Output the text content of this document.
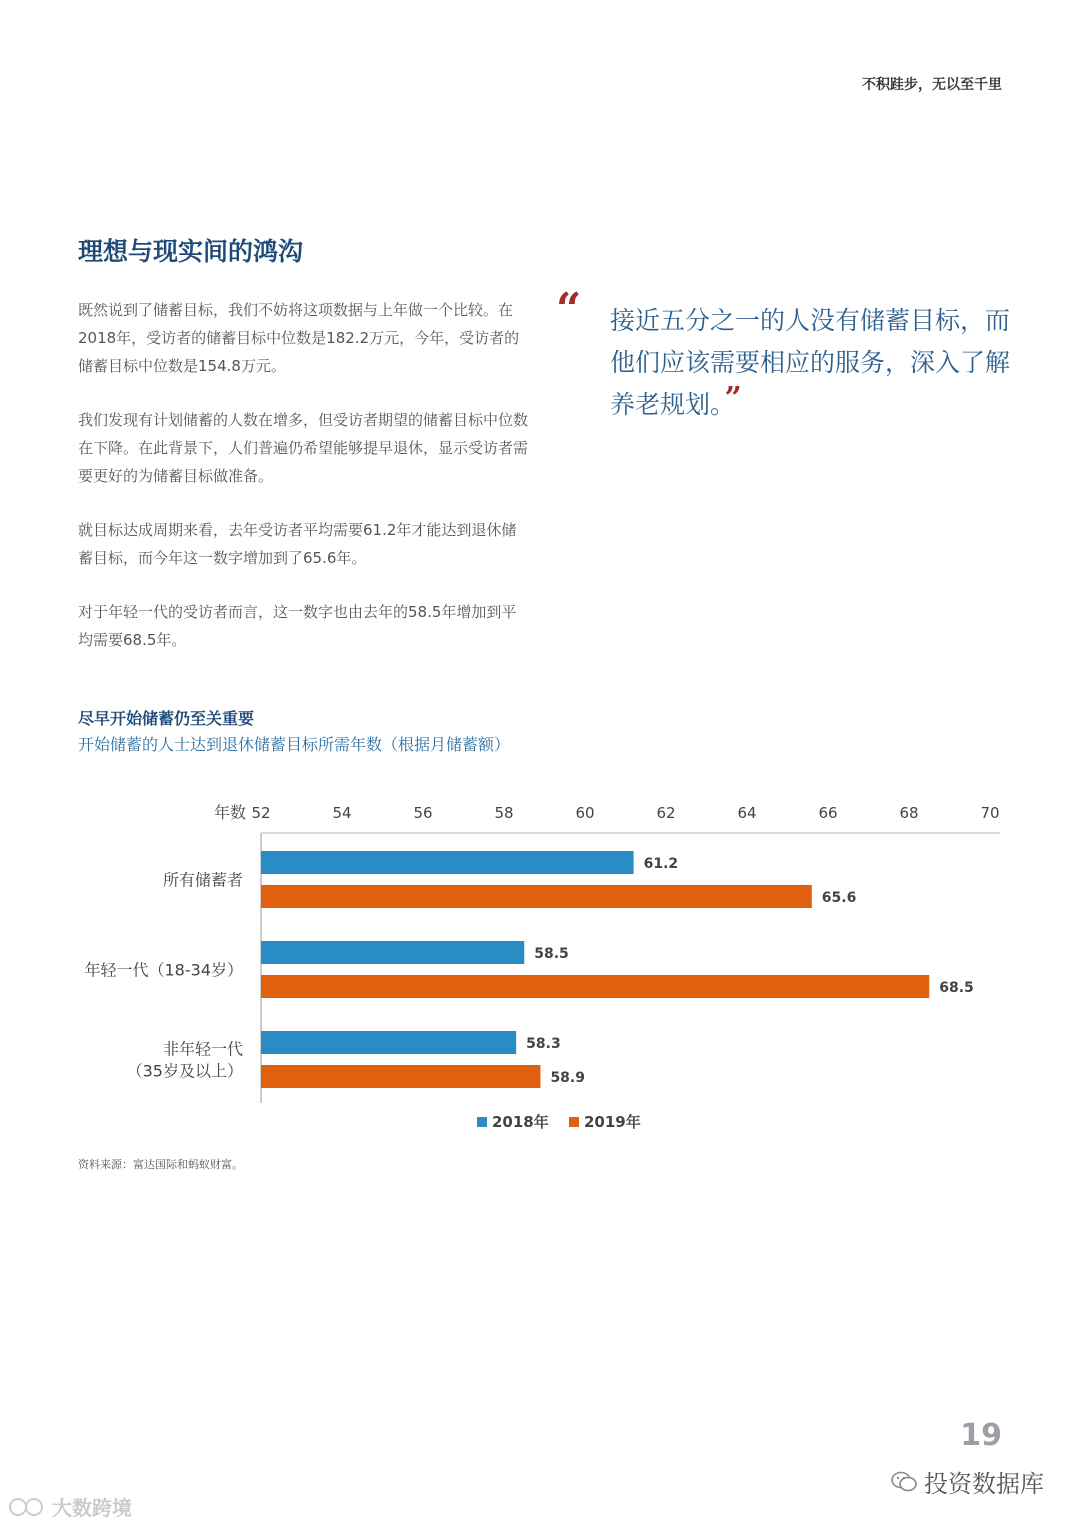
不积跬步，无以至千里
理想与现实间的鸿沟

既然说到了储蓄目标，我们不妨将这项数据与上年做一个比较。在2018年，受访者的储蓄目标中位数是182.2万元，今年，受访者的储蓄目标中位数是154.8万元。

我们发现有计划储蓄的人数在增多，但受访者期望的储蓄目标中位数在下降。在此背景下，人们普遍仍希望能够提早退休，显示受访者需要更好的为储蓄目标做准备。

就目标达成周期来看，去年受访者平均需要61.2年才能达到退休储蓄目标，而今年这一数字增加到了65.6年。

对于年轻一代的受访者而言，这一数字也由去年的58.5年增加到平均需要68.5年。

“ 接近五分之一的人没有储蓄目标，而他们应该需要相应的服务，深入了解养老规划。”
尽早开始储蓄仍至关重要
开始储蓄的人士达到退休储蓄目标所需年数（根据月储蓄额）
年数 52	54	56	58	60	62	64	66	68	70
所有储蓄者
61.2
65.6
年轻一代（18-34岁）
58.5
68.5
非年轻一代
（35岁及以上）
58.3
58.9
2018年 2019年
资料来源：富达国际和蚂蚁财富。
19
投资数据库
大数跨境
